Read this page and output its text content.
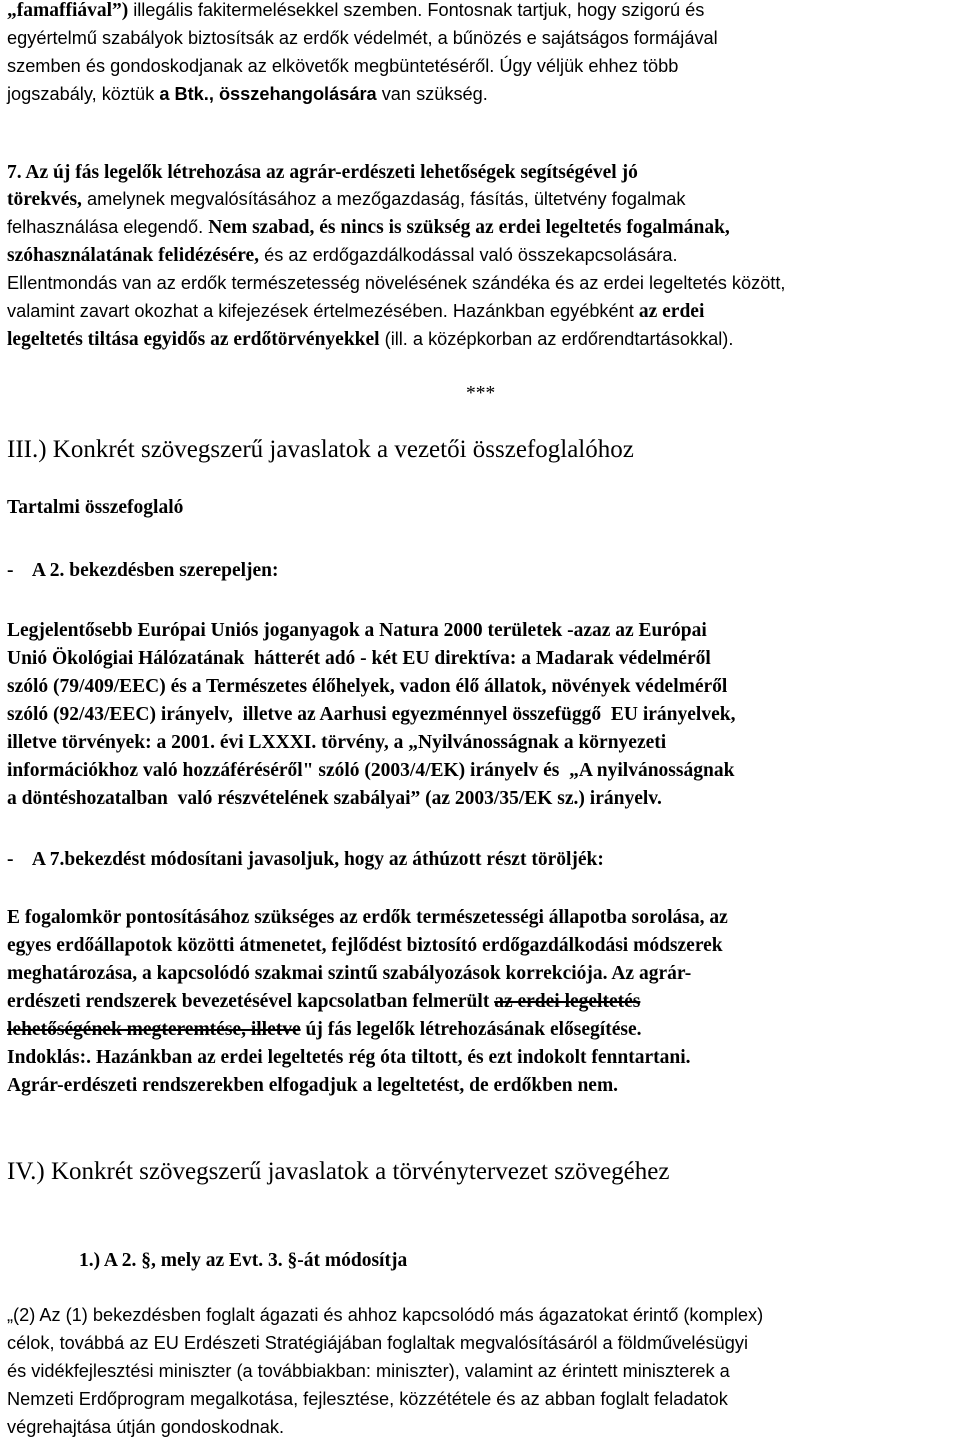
„famaffiával”) illegális fakitermelésekkel szemben. Fontosnak tartjuk, hogy szigorú és
egyértelmű szabályok biztosítsák az erdők védelmét, a bűnözés e sajátságos formájával
szemben és gondoskodjanak az elkövetők megbüntetéséről. Úgy véljük ehhez több
jogszabály, köztük a Btk., összehangolására van szükség.
7. Az új fás legelők létrehozása az agrár-erdészeti lehetőségek segítségével jó
törekvés, amelynek megvalósításához a mezőgazdaság, fásítás, ültetvény fogalmak
felhasználása elegendő. Nem szabad, és nincs is szükség az erdei legeltetés fogalmának,
szóhasználatának felidézésére, és az erdőgazdálkodással való összekapcsolására.
Ellentmondás van az erdők természetesség növelésének szándéka és az erdei legeltetés között,
valamint zavart okozhat a kifejezések értelmezésében. Hazánkban egyébként az erdei
legeltetés tiltása egyidős az erdőtörvényekkel (ill. a középkorban az erdőrendtartásokkal).
***
III.) Konkrét szövegszerű javaslatok a vezetői összefoglalóhoz
Tartalmi összefoglaló
-    A 2. bekezdésben szerepeljen:
Legjelentősebb Európai Uniós joganyagok a Natura 2000 területek -azaz az Európai
Unió Ökológiai Hálózatának  hátterét adó - két EU direktíva: a Madarak védelméről
szóló (79/409/EEC) és a Természetes élőhelyek, vadon élő állatok, növények védelméről
szóló (92/43/EEC) irányelv,  illetve az Aarhusi egyezménnyel összefüggő  EU irányelvek,
illetve törvények: a 2001. évi LXXXI. törvény, a „Nyilvánosságnak a környezeti
információkhoz való hozzáféréséről" szóló (2003/4/EK) irányelv és  „A nyilvánosságnak
a döntéshozatalban  való részvételének szabályai” (az 2003/35/EK sz.) irányelv.
-    A 7.bekezdést módosítani javasoljuk, hogy az áthúzott részt töröljék:
E fogalomkör pontosításához szükséges az erdők természetességi állapotba sorolása, az
egyes erdőállapotok közötti átmenetet, fejlődést biztosító erdőgazdálkodási módszerek
meghatározása, a kapcsolódó szakmai szintű szabályozások korrekciója. Az agrár-
erdészeti rendszerek bevezetésével kapcsolatban felmerült az erdei legeltetés
lehetőségének megteremtése, illetve új fás legelők létrehozásának elősegítése.
Indoklás:. Hazánkban az erdei legeltetés rég óta tiltott, és ezt indokolt fenntartani.
Agrár-erdészeti rendszerekben elfogadjuk a legeltetést, de erdőkben nem.
IV.) Konkrét szövegszerű javaslatok a törvénytervezet szövegéhez
1.) A 2. §, mely az Evt. 3. §-át módosítja
„(2) Az (1) bekezdésben foglalt ágazati és ahhoz kapcsolódó más ágazatokat érintő (komplex)
célok, továbbá az EU Erdészeti Stratégiájában foglaltak megvalósításáról a földművelésügyi
és vidékfejlesztési miniszter (a továbbiakban: miniszter), valamint az érintett miniszterek a
Nemzeti Erdőprogram megalkotása, fejlesztése, közzététele és az abban foglalt feladatok
végrehajtása útján gondoskodnak.
